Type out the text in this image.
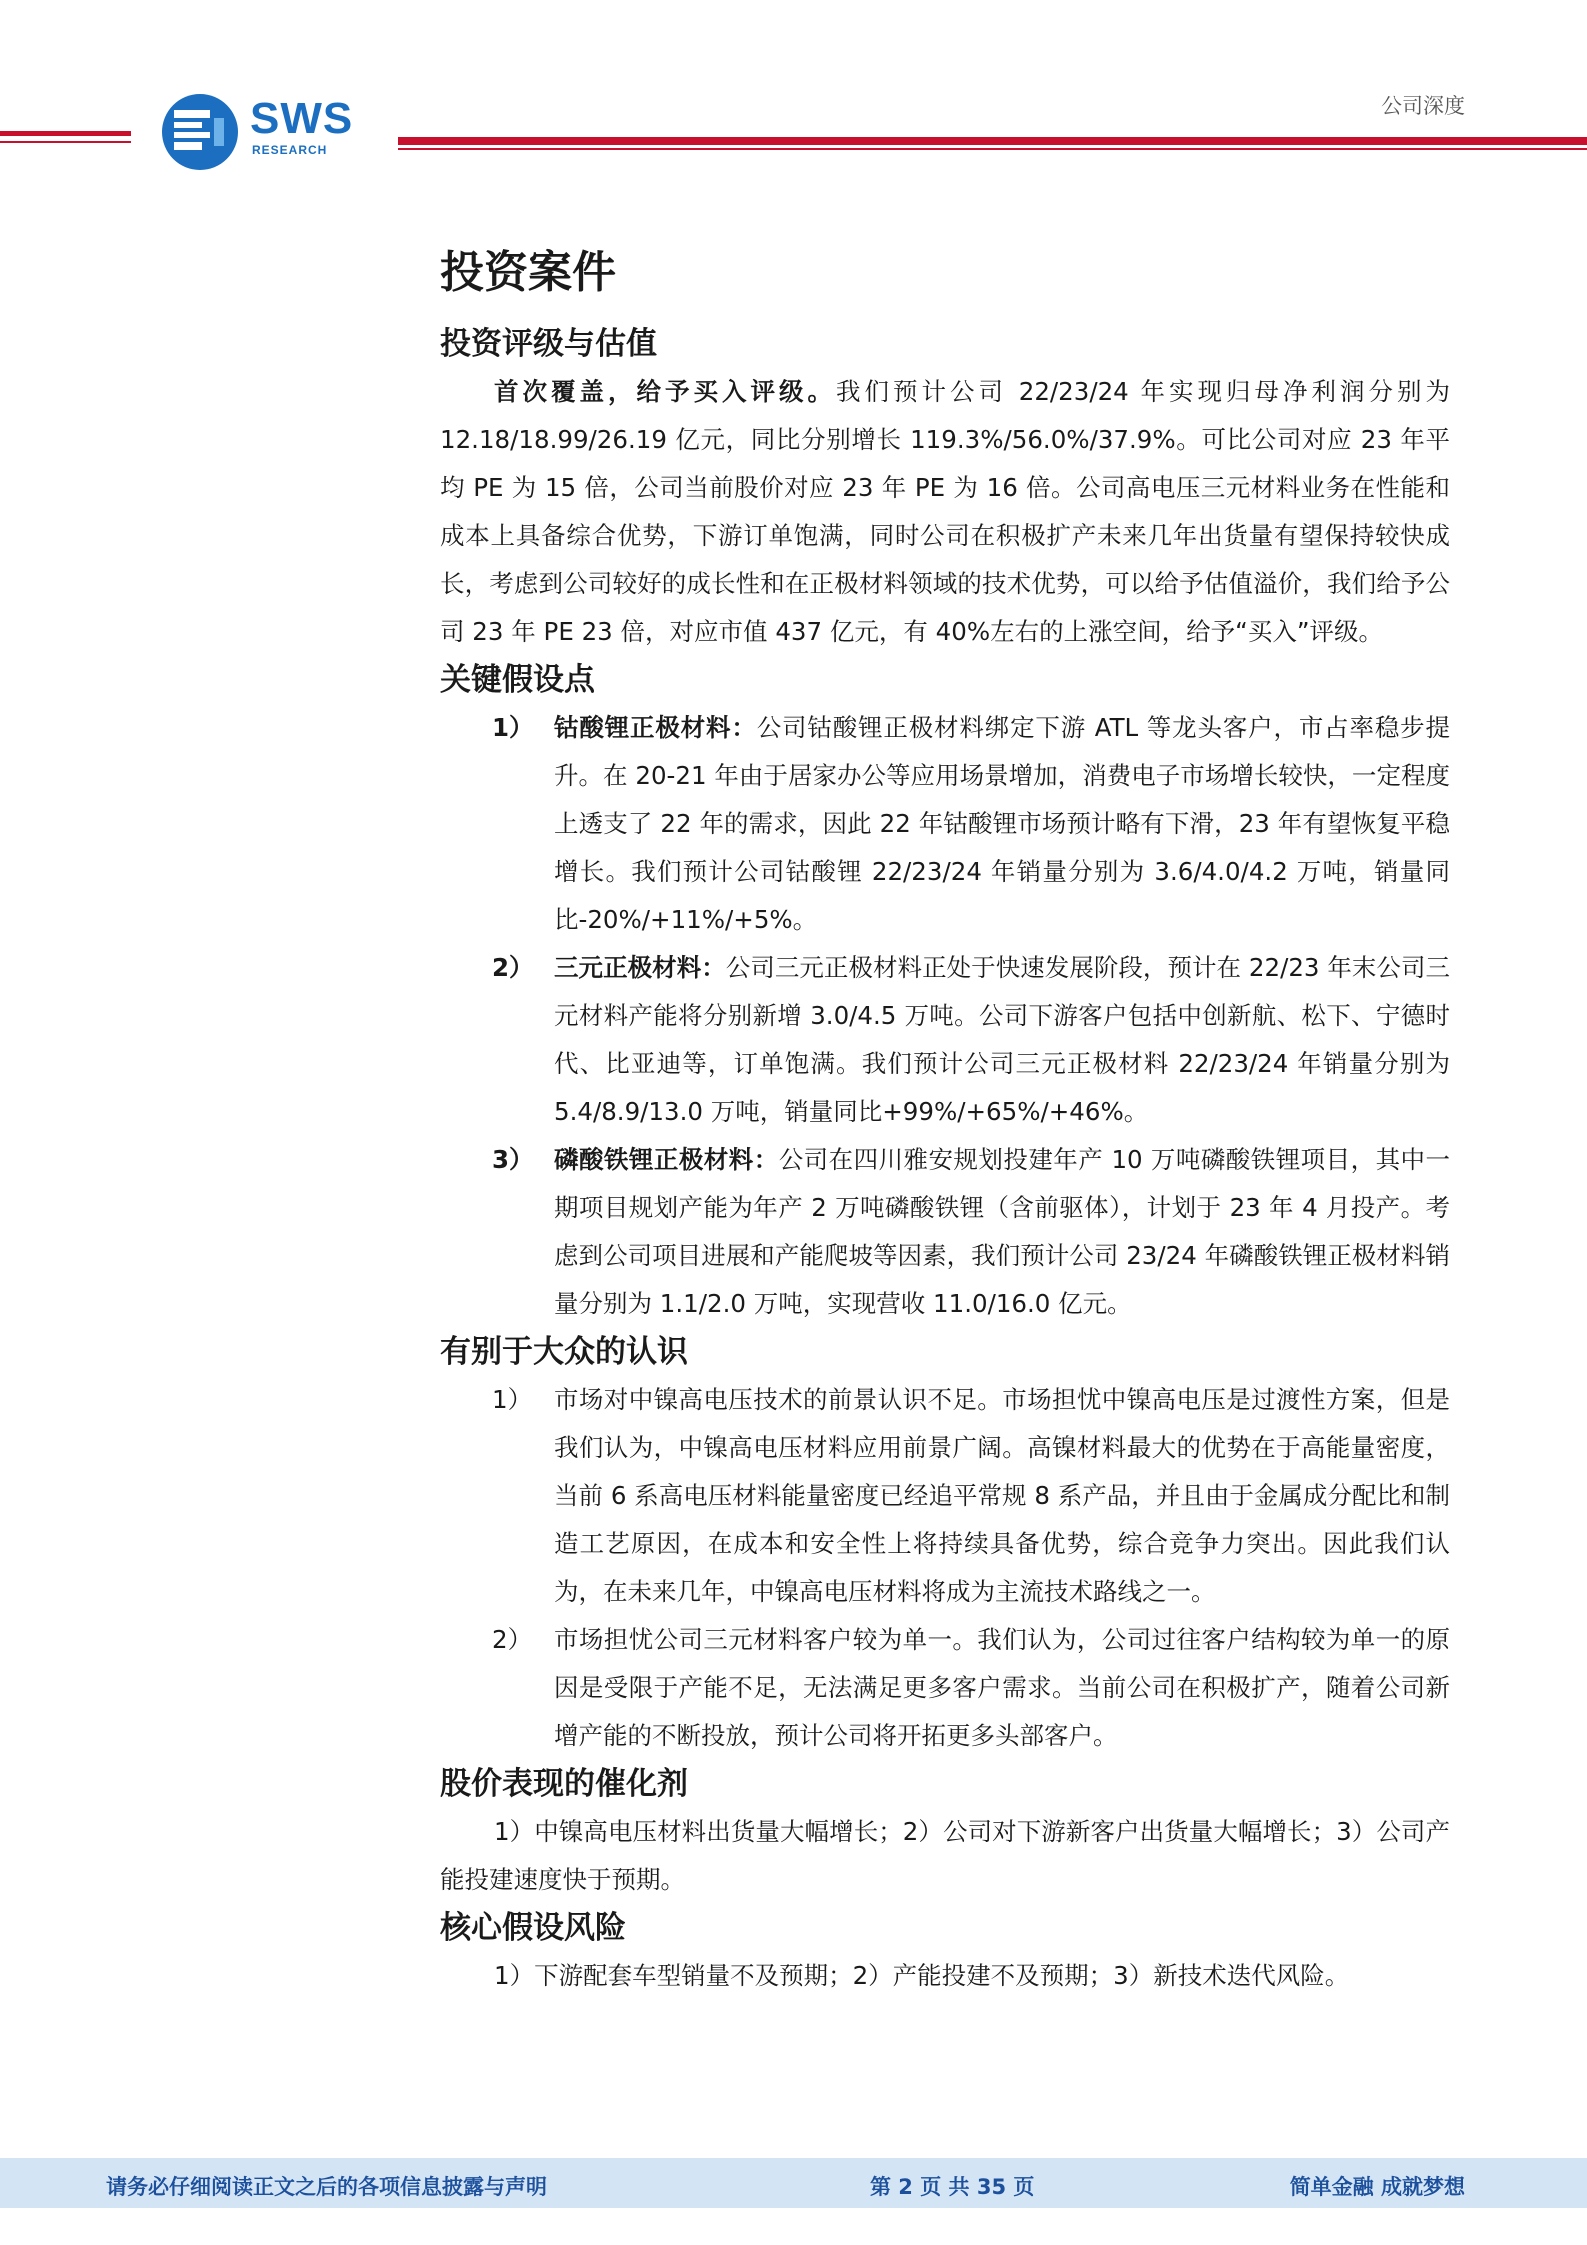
SWS
RESEARCH
公司深度
投资案件
投资评级与估值

首次覆盖，给予买入评级。我们预计公司 22/23/24 年实现归母净利润分别为 12.18/18.99/26.19 亿元，同比分别增长 119.3%/56.0%/37.9%。可比公司对应 23 年平均 PE 为 15 倍，公司当前股价对应 23 年 PE 为 16 倍。公司高电压三元材料业务在性能和成本上具备综合优势，下游订单饱满，同时公司在积极扩产未来几年出货量有望保持较快成长，考虑到公司较好的成长性和在正极材料领域的技术优势，可以给予估值溢价，我们给予公司 23 年 PE 23 倍，对应市值 437 亿元，有 40%左右的上涨空间，给予“买入”评级。

关键假设点
1） 钴酸锂正极材料：公司钴酸锂正极材料绑定下游 ATL 等龙头客户，市占率稳步提升。在 20-21 年由于居家办公等应用场景增加，消费电子市场增长较快，一定程度上透支了 22 年的需求，因此 22 年钴酸锂市场预计略有下滑，23 年有望恢复平稳增长。我们预计公司钴酸锂 22/23/24 年销量分别为 3.6/4.0/4.2 万吨，销量同比-20%/+11%/+5%。
2） 三元正极材料：公司三元正极材料正处于快速发展阶段，预计在 22/23 年末公司三元材料产能将分别新增 3.0/4.5 万吨。公司下游客户包括中创新航、松下、宁德时代、比亚迪等，订单饱满。我们预计公司三元正极材料 22/23/24 年销量分别为 5.4/8.9/13.0 万吨，销量同比+99%/+65%/+46%。
3） 磷酸铁锂正极材料：公司在四川雅安规划投建年产 10 万吨磷酸铁锂项目，其中一期项目规划产能为年产 2 万吨磷酸铁锂（含前驱体），计划于 23 年 4 月投产。考虑到公司项目进展和产能爬坡等因素，我们预计公司 23/24 年磷酸铁锂正极材料销量分别为 1.1/2.0 万吨，实现营收 11.0/16.0 亿元。
有别于大众的认识
1） 市场对中镍高电压技术的前景认识不足。市场担忧中镍高电压是过渡性方案，但是我们认为，中镍高电压材料应用前景广阔。高镍材料最大的优势在于高能量密度，当前 6 系高电压材料能量密度已经追平常规 8 系产品，并且由于金属成分配比和制造工艺原因，在成本和安全性上将持续具备优势，综合竞争力突出。因此我们认为，在未来几年，中镍高电压材料将成为主流技术路线之一。
2） 市场担忧公司三元材料客户较为单一。我们认为，公司过往客户结构较为单一的原因是受限于产能不足，无法满足更多客户需求。当前公司在积极扩产，随着公司新增产能的不断投放，预计公司将开拓更多头部客户。
股价表现的催化剂

1）中镍高电压材料出货量大幅增长；2）公司对下游新客户出货量大幅增长；3）公司产能投建速度快于预期。

核心假设风险

1）下游配套车型销量不及预期；2）产能投建不及预期；3）新技术迭代风险。

请务必仔细阅读正文之后的各项信息披露与声明	第 2 页 共 35 页	简单金融 成就梦想
